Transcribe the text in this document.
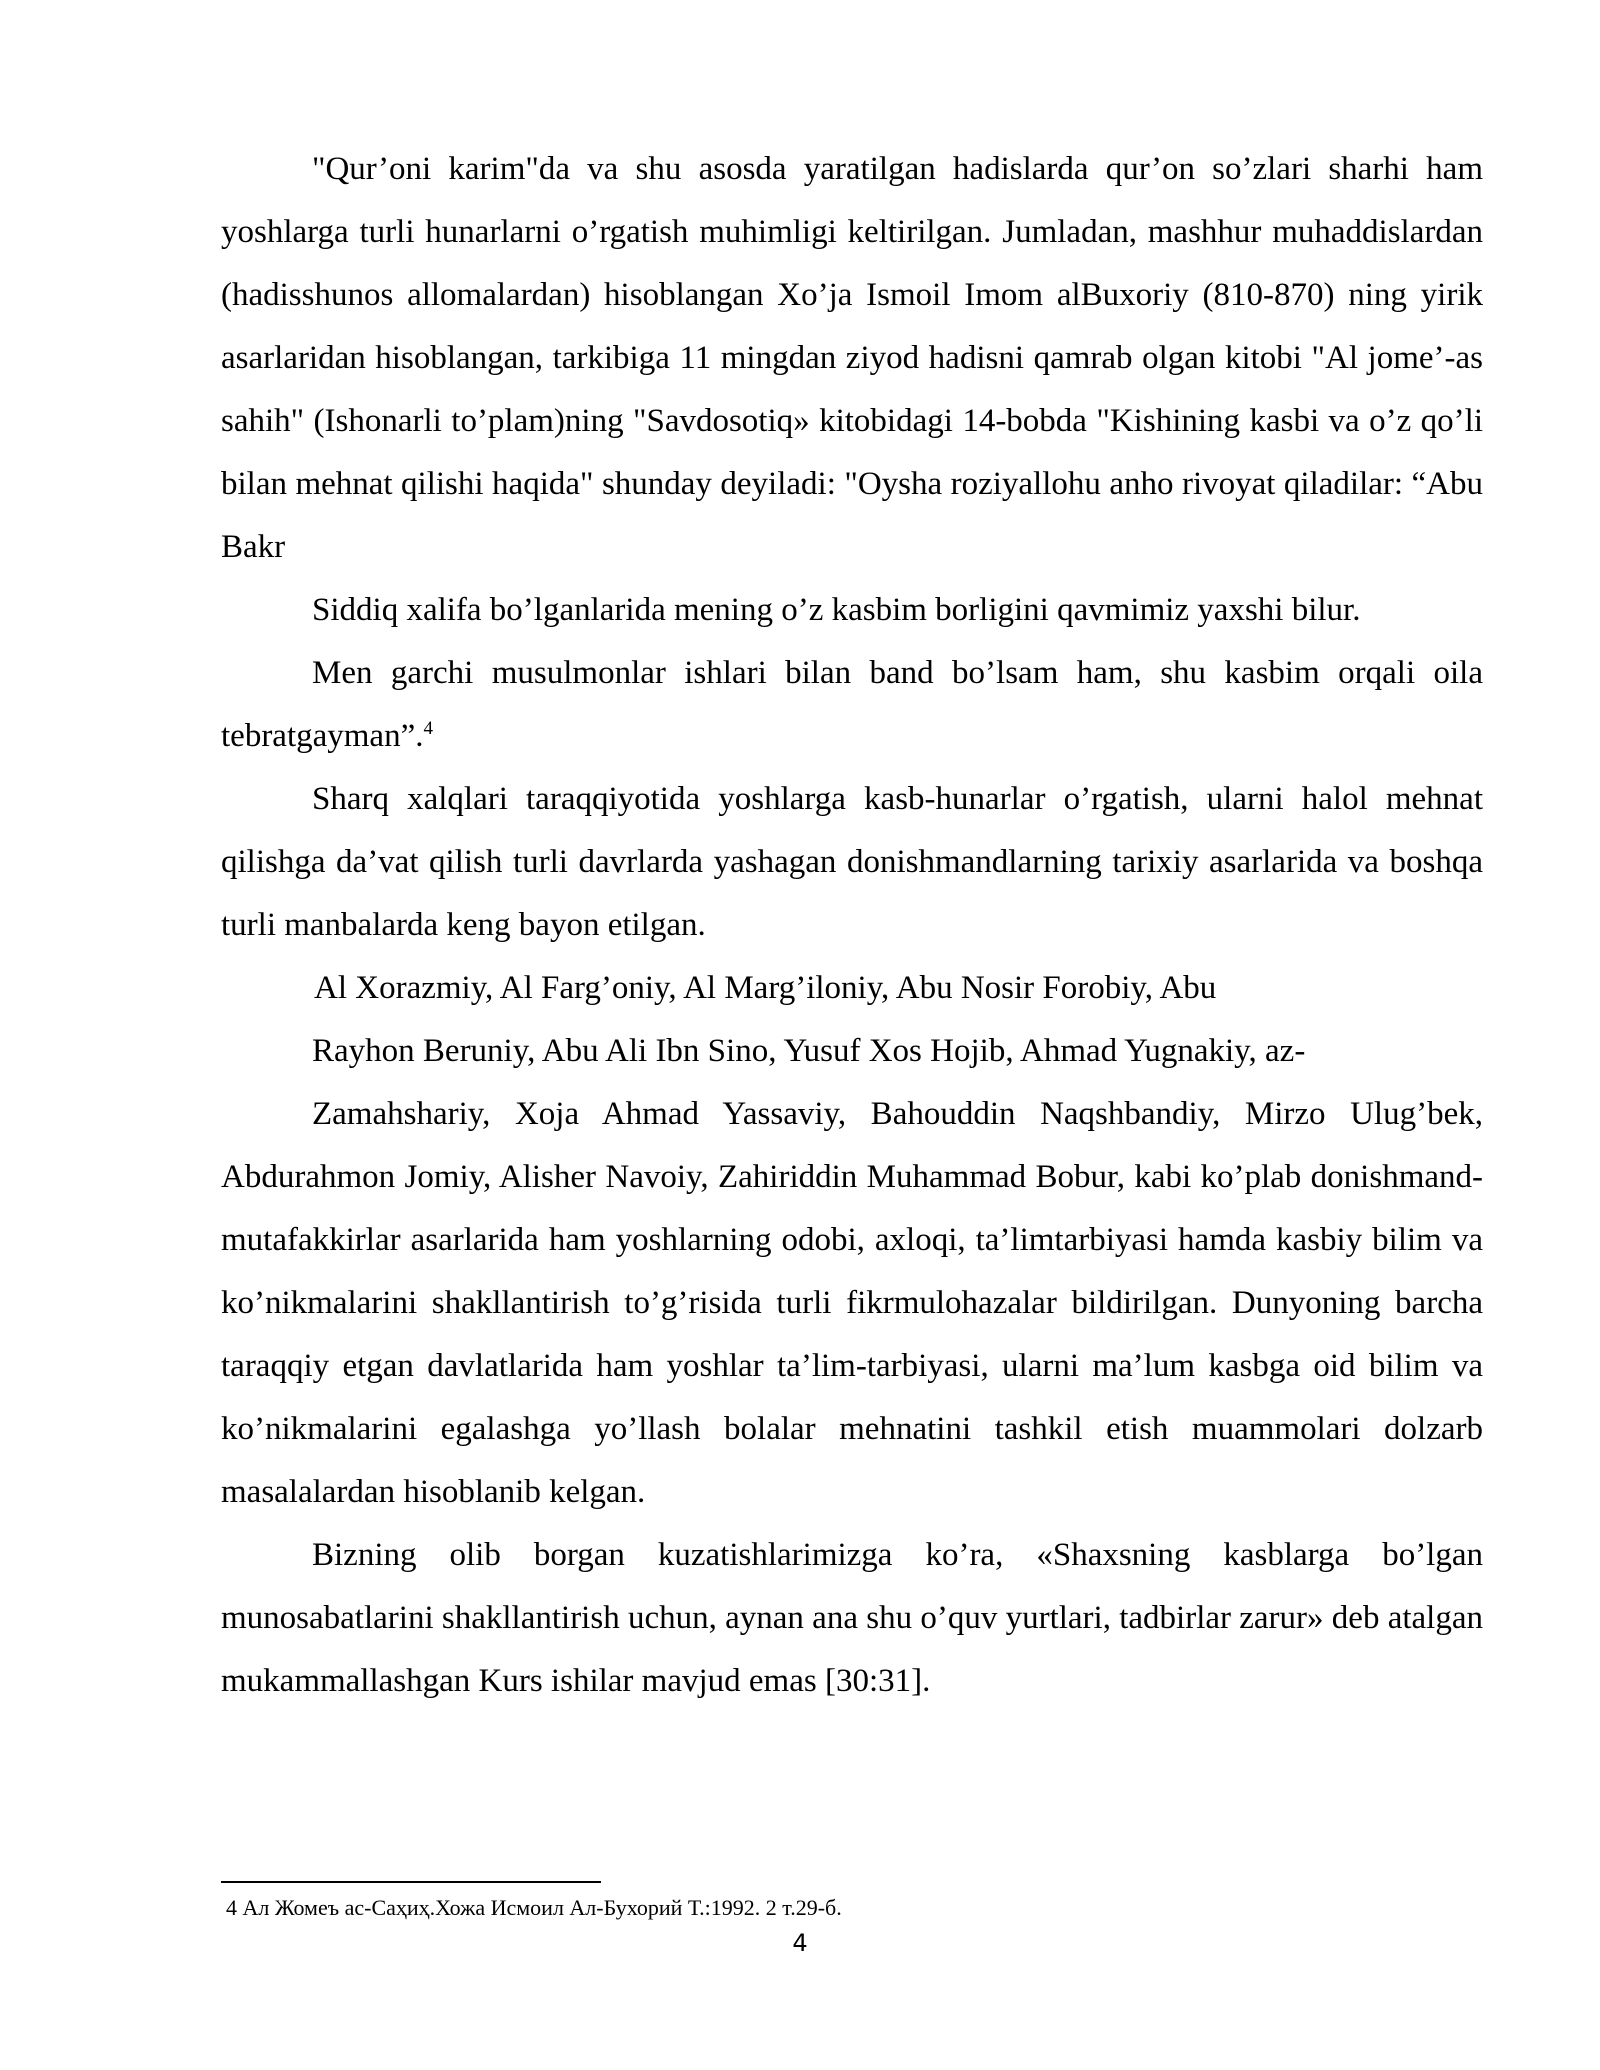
"Qur’oni karim"da va shu asosda yaratilgan hadislarda qur’on so’zlari sharhi ham yoshlarga turli hunarlarni o’rgatish muhimligi keltirilgan. Jumladan, mashhur muhaddislardan (hadisshunos allomalardan) hisoblangan Xo’ja Ismoil Imom alBuxoriy (810-870) ning yirik asarlaridan hisoblangan, tarkibiga 11 mingdan ziyod hadisni qamrab olgan kitobi "Al jome’-as sahih" (Ishonarli to’plam)ning "Savdosotiq» kitobidagi 14-bobda "Kishining kasbi va o’z qo’li bilan mehnat qilishi haqida" shunday deyiladi: "Oysha roziyallohu anho rivoyat qiladilar: “Abu Bakr

Siddiq xalifa bo’lganlarida mening o’z kasbim borligini qavmimiz yaxshi bilur.

Men garchi musulmonlar ishlari bilan band bo’lsam ham, shu kasbim orqali oila tebratgayman”.$^4$

Sharq xalqlari taraqqiyotida yoshlarga kasb-hunarlar o’rgatish, ularni halol mehnat qilishga da’vat qilish turli davrlarda yashagan donishmandlarning tarixiy asarlarida va boshqa turli manbalarda keng bayon etilgan.

Al Xorazmiy, Al Farg’oniy, Al Marg’iloniy, Abu Nosir Forobiy, Abu

Rayhon Beruniy, Abu Ali Ibn Sino, Yusuf Xos Hojib, Ahmad Yugnakiy, az-

Zamahshariy, Xoja Ahmad Yassaviy, Bahouddin Naqshbandiy, Mirzo Ulug’bek, Abdurahmon Jomiy, Alisher Navoiy, Zahiriddin Muhammad Bobur, kabi ko’plab donishmand-mutafakkirlar asarlarida ham yoshlarning odobi, axloqi, ta’limtarbiyasi hamda kasbiy bilim va ko’nikmalarini shakllantirish to’g’risida turli fikrmulohazalar bildirilgan. Dunyoning barcha taraqqiy etgan davlatlarida ham yoshlar ta’lim-tarbiyasi, ularni ma’lum kasbga oid bilim va ko’nikmalarini egalashga yo’llash bolalar mehnatini tashkil etish muammolari dolzarb masalalardan hisoblanib kelgan.

Bizning olib borgan kuzatishlarimizga ko’ra, «Shaxsning kasblarga bo’lgan munosabatlarini shakllantirish uchun, aynan ana shu o’quv yurtlari, tadbirlar zarur» deb atalgan mukammallashgan Kurs ishilar mavjud emas [30:31].

4 Ал Жомеъ ас-Саҳиҳ.Хожа Исмоил Ал-Бухорий Т.:1992. 2 т.29-б.
4
